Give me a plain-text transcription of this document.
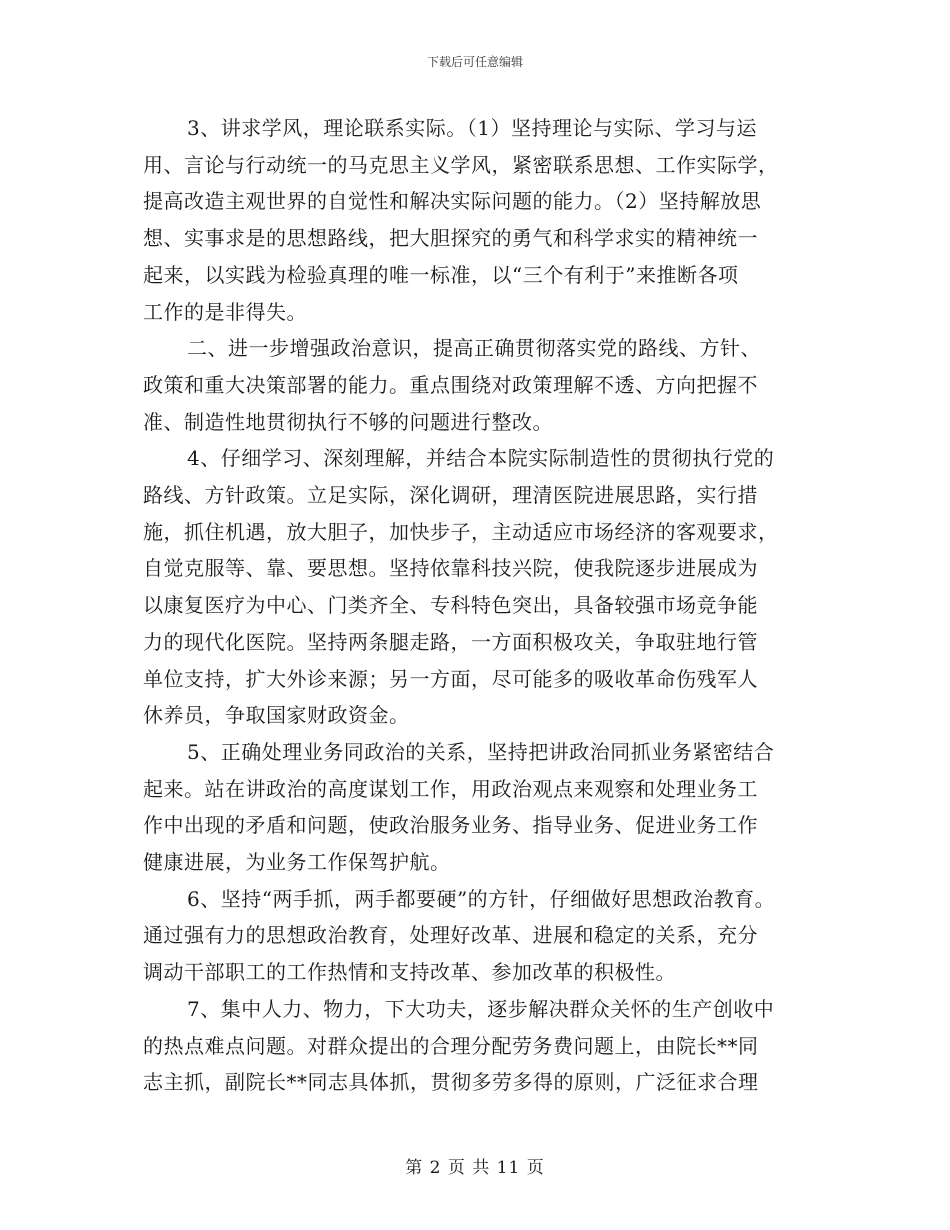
下载后可任意编辑

3、讲求学风，理论联系实际。（1）坚持理论与实际、学习与运
用、言论与行动统一的马克思主义学风，紧密联系思想、工作实际学，
提高改造主观世界的自觉性和解决实际问题的能力。（2）坚持解放思
想、实事求是的思想路线，把大胆探究的勇气和科学求实的精神统一
起来，以实践为检验真理的唯一标准，以“三个有利于”来推断各项
工作的是非得失。

二、进一步增强政治意识，提高正确贯彻落实党的路线、方针、
政策和重大决策部署的能力。重点围绕对政策理解不透、方向把握不
准、制造性地贯彻执行不够的问题进行整改。

4、仔细学习、深刻理解，并结合本院实际制造性的贯彻执行党的
路线、方针政策。立足实际，深化调研，理清医院进展思路，实行措
施，抓住机遇，放大胆子，加快步子，主动适应市场经济的客观要求，
自觉克服等、靠、要思想。坚持依靠科技兴院，使我院逐步进展成为
以康复医疗为中心、门类齐全、专科特色突出，具备较强市场竞争能
力的现代化医院。坚持两条腿走路，一方面积极攻关，争取驻地行管
单位支持，扩大外诊来源；另一方面，尽可能多的吸收革命伤残军人
休养员，争取国家财政资金。

5、正确处理业务同政治的关系，坚持把讲政治同抓业务紧密结合
起来。站在讲政治的高度谋划工作，用政治观点来观察和处理业务工
作中出现的矛盾和问题，使政治服务业务、指导业务、促进业务工作
健康进展，为业务工作保驾护航。

6、坚持“两手抓，两手都要硬”的方针，仔细做好思想政治教育。
通过强有力的思想政治教育，处理好改革、进展和稳定的关系，充分
调动干部职工的工作热情和支持改革、参加改革的积极性。

7、集中人力、物力，下大功夫，逐步解决群众关怀的生产创收中
的热点难点问题。对群众提出的合理分配劳务费问题上，由院长**同
志主抓，副院长**同志具体抓，贯彻多劳多得的原则，广泛征求合理

第 2 页 共 11 页
